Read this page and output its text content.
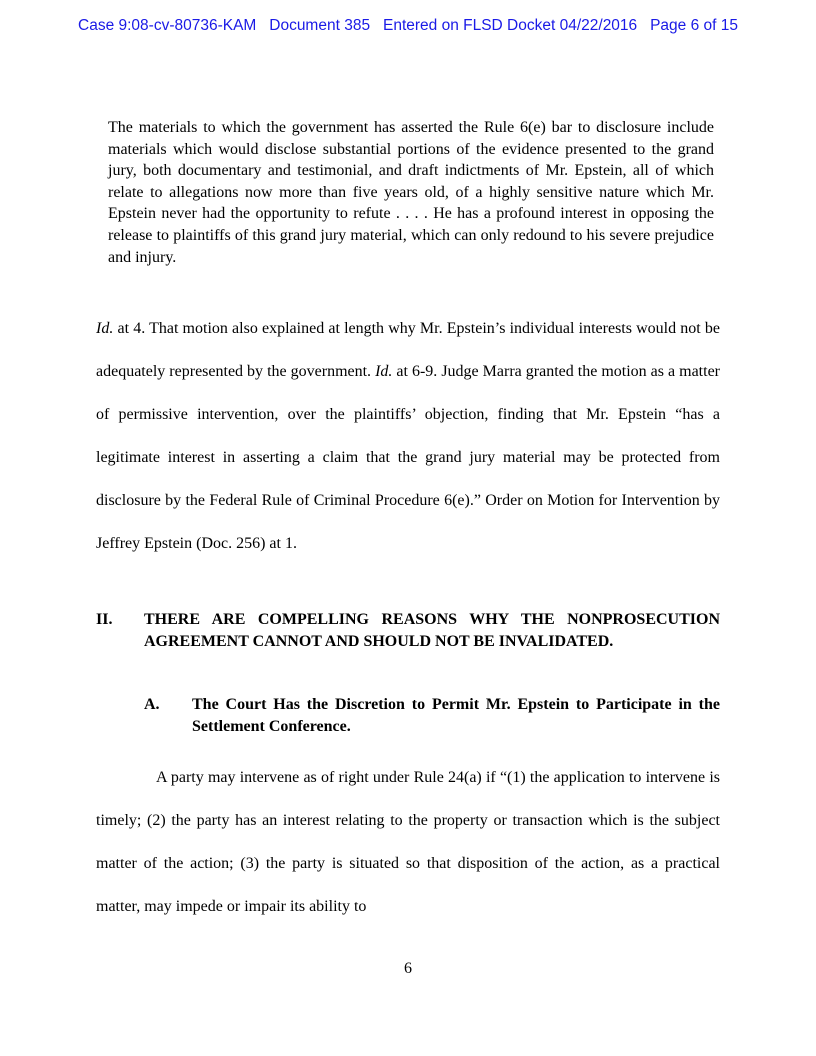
Case 9:08-cv-80736-KAM   Document 385   Entered on FLSD Docket 04/22/2016   Page 6 of 15
The materials to which the government has asserted the Rule 6(e) bar to disclosure include materials which would disclose substantial portions of the evidence presented to the grand jury, both documentary and testimonial, and draft indictments of Mr. Epstein, all of which relate to allegations now more than five years old, of a highly sensitive nature which Mr. Epstein never had the opportunity to refute . . . . He has a profound interest in opposing the release to plaintiffs of this grand jury material, which can only redound to his severe prejudice and injury.
Id. at 4. That motion also explained at length why Mr. Epstein’s individual interests would not be adequately represented by the government. Id. at 6-9. Judge Marra granted the motion as a matter of permissive intervention, over the plaintiffs’ objection, finding that Mr. Epstein “has a legitimate interest in asserting a claim that the grand jury material may be protected from disclosure by the Federal Rule of Criminal Procedure 6(e).” Order on Motion for Intervention by Jeffrey Epstein (Doc. 256) at 1.
II. THERE ARE COMPELLING REASONS WHY THE NONPROSECUTION AGREEMENT CANNOT AND SHOULD NOT BE INVALIDATED.
A. The Court Has the Discretion to Permit Mr. Epstein to Participate in the Settlement Conference.
A party may intervene as of right under Rule 24(a) if “(1) the application to intervene is timely; (2) the party has an interest relating to the property or transaction which is the subject matter of the action; (3) the party is situated so that disposition of the action, as a practical matter, may impede or impair its ability to
6
